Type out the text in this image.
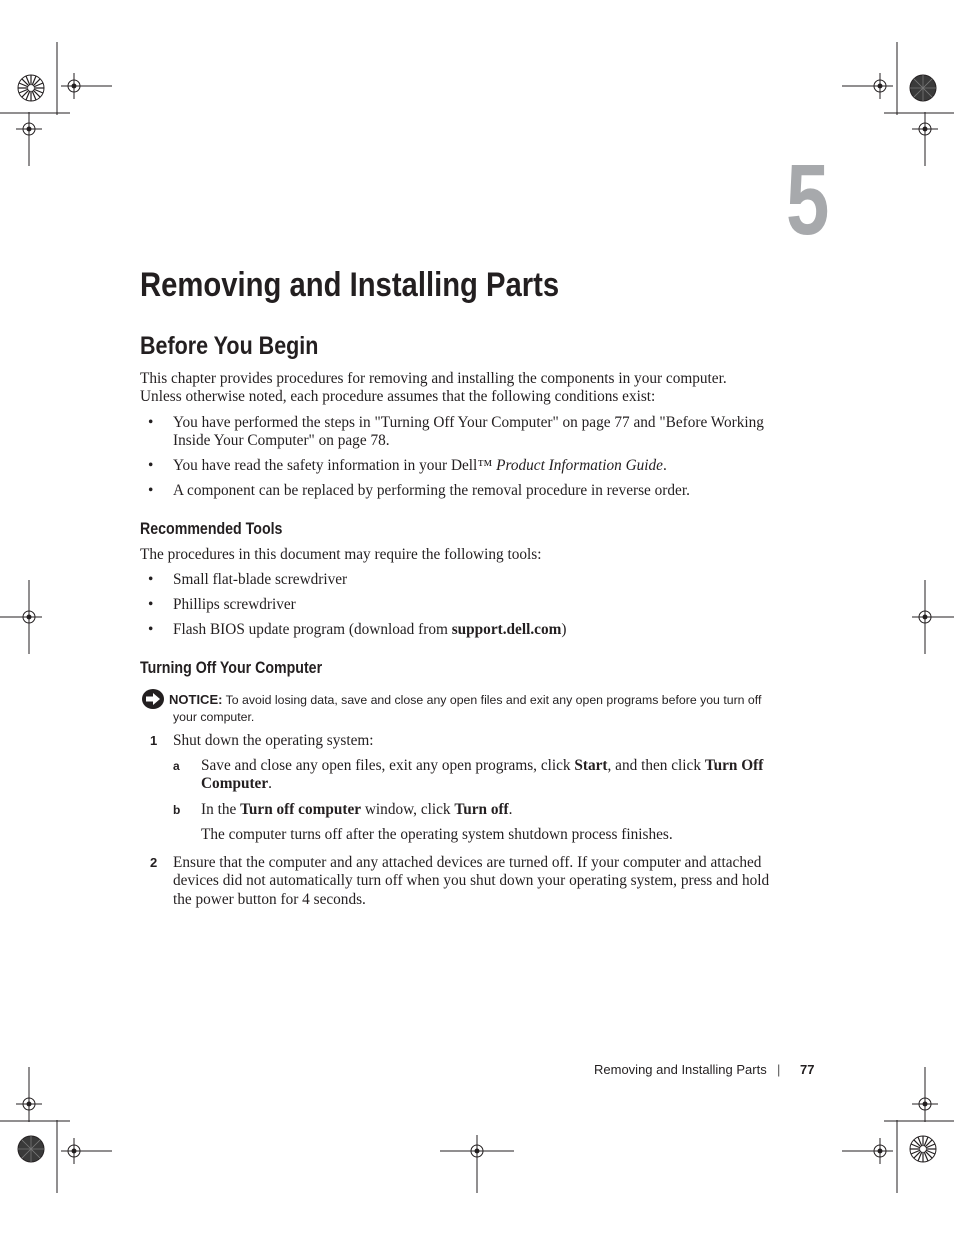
5
Removing and Installing Parts
Before You Begin
This chapter provides procedures for removing and installing the components in your computer.
Unless otherwise noted, each procedure assumes that the following conditions exist:
• You have performed the steps in "Turning Off Your Computer" on page 77 and "Before Working
Inside Your Computer" on page 78.
• You have read the safety information in your Dell™ Product Information Guide.
• A component can be replaced by performing the removal procedure in reverse order.
Recommended Tools
The procedures in this document may require the following tools:
• Small flat-blade screwdriver
• Phillips screwdriver
• Flash BIOS update program (download from support.dell.com)
Turning Off Your Computer
NOTICE: To avoid losing data, save and close any open files and exit any open programs before you turn off
your computer.
1 Shut down the operating system:
a Save and close any open files, exit any open programs, click Start, and then click Turn Off
Computer.
b In the Turn off computer window, click Turn off.
The computer turns off after the operating system shutdown process finishes.
2 Ensure that the computer and any attached devices are turned off. If your computer and attached
devices did not automatically turn off when you shut down your operating system, press and hold
the power button for 4 seconds.
Removing and Installing Parts | 77
